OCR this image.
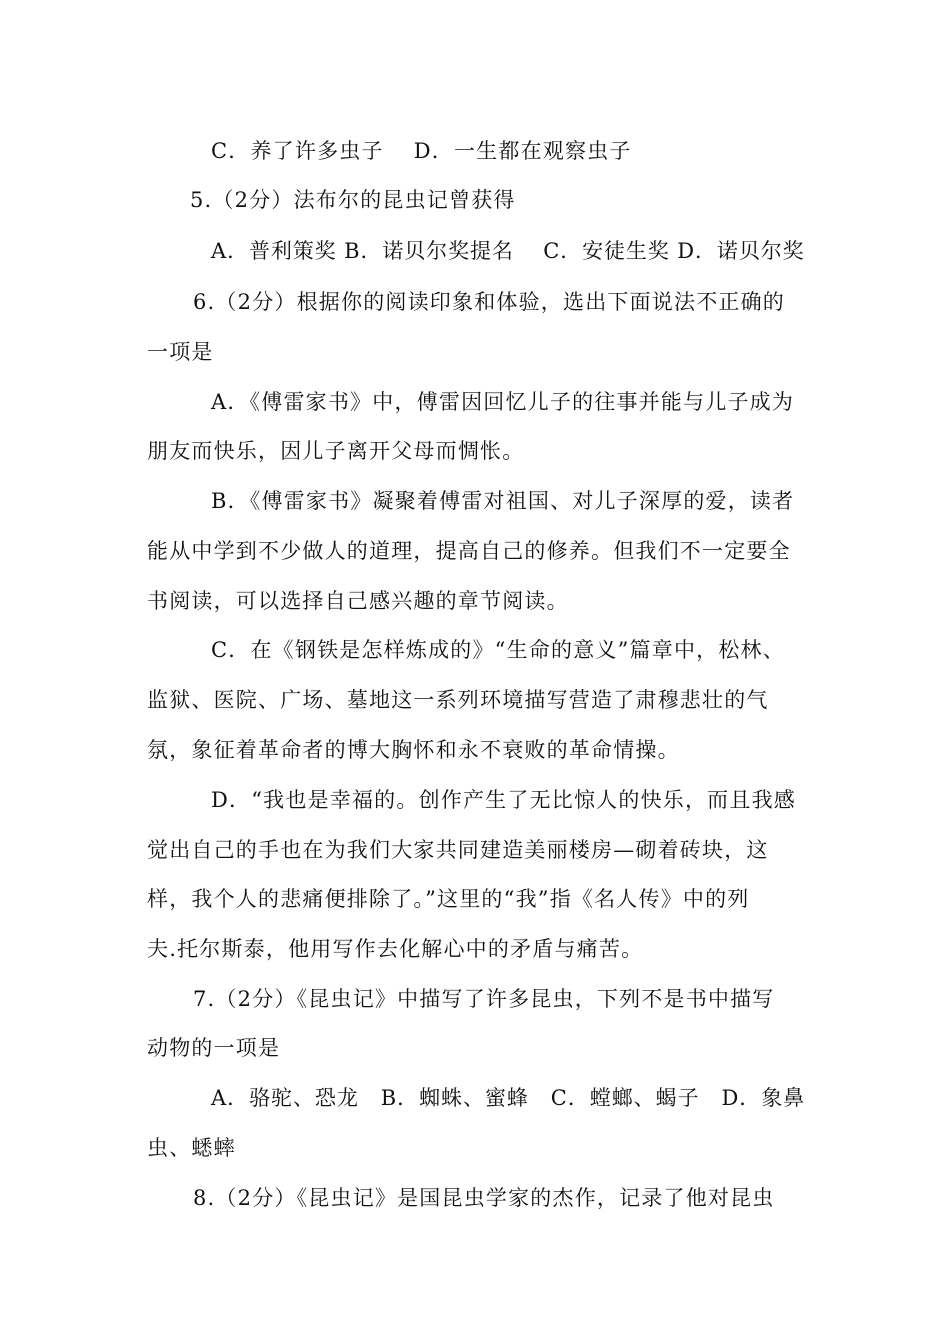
C．养了许多虫子　 D．一生都在观察虫子
5.（2分）法布尔的昆虫记曾获得
A．普利策奖 B．诺贝尔奖提名　 C．安徒生奖 D．诺贝尔奖
6.（2分）根据你的阅读印象和体验，选出下面说法不正确的
一项是
A．《傅雷家书》中，傅雷因回忆儿子的往事并能与儿子成为
朋友而快乐，因儿子离开父母而惆怅。
B．《傅雷家书》凝聚着傅雷对祖国、对儿子深厚的爱，读者
能从中学到不少做人的道理，提高自己的修养。但我们不一定要全
书阅读，可以选择自己感兴趣的章节阅读。
C．在《钢铁是怎样炼成的》“生命的意义”篇章中，松林、
监狱、医院、广场、墓地这一系列环境描写营造了肃穆悲壮的气
氛，象征着革命者的博大胸怀和永不衰败的革命情操。
D．“我也是幸福的。创作产生了无比惊人的快乐，而且我感
觉出自己的手也在为我们大家共同建造美丽楼房—砌着砖块，这
样，我个人的悲痛便排除了。”这里的“我”指《名人传》中的列
夫.托尔斯泰，他用写作去化解心中的矛盾与痛苦。
7.（2分）《昆虫记》中描写了许多昆虫，下列不是书中描写
动物的一项是
A．骆驼、恐龙　B．蜘蛛、蜜蜂　C．螳螂、蝎子　D．象鼻
虫、蟋蟀
8.（2分）《昆虫记》是国昆虫学家的杰作，记录了他对昆虫
